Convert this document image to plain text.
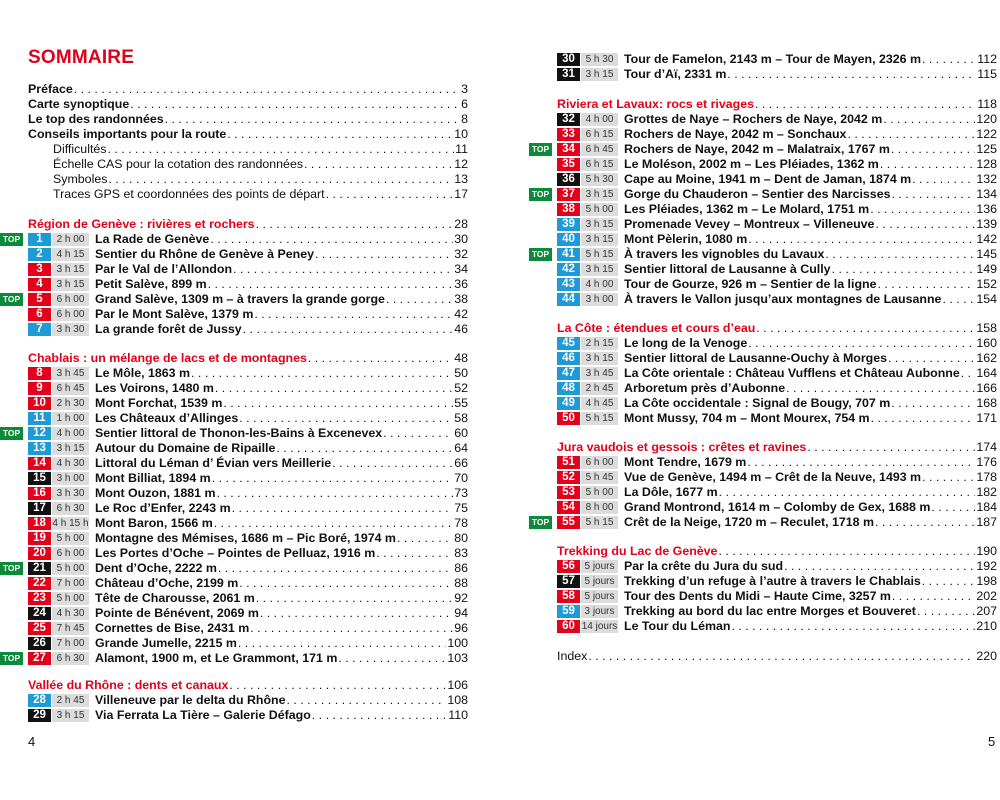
SOMMAIRE
Préface . . .	3
Carte synoptique . . .	6
Le top des randonnées . . .	8
Conseils importants pour la route . . .	10
Difficultés . . .	11
Échelle CAS pour la cotation des randonnées . . .	12
Symboles . . .	13
Traces GPS et coordonnées des points de départ . . .	17
Région de Genève : rivières et rochers . . .	28
TOP	1	2 h 00 La Rade de Genève . . .	30
2	4 h 15 Sentier du Rhône de Genève à Peney . . .	32
3	3 h 15 Par le Val de l’Allondon . . .	34
4	3 h 15 Petit Salève, 899 m . . .	36
TOP	5	6 h 00 Grand Salève, 1309 m – à travers la grande gorge . . .	38
6	6 h 00 Par le Mont Salève, 1379 m . . .	42
7	3 h 30 La grande forêt de Jussy . . .	46
Chablais : un mélange de lacs et de montagnes . . .	48
8	3 h 45 Le Môle, 1863 m . . .	50
9	6 h 45 Les Voirons, 1480 m . . .	52
10	2 h 30 Mont Forchat, 1539 m . . .	55
11	1 h 00 Les Châteaux d’Allinges . . .	58
TOP	12	4 h 00 Sentier littoral de Thonon-les-Bains à Excenevex . . .	60
13	3 h 15 Autour du Domaine de Ripaille . . .	64
14	4 h 30 Littoral du Léman d’ Évian vers Meillerie . . .	66
15	3 h 00 Mont Billiat, 1894 m . . .	70
16	3 h 30 Mont Ouzon, 1881 m . . .	73
17	6 h 30 Le Roc d’Enfer, 2243 m . . .	75
18 4 h 15 h Mont Baron, 1566 m . . .	78
19	5 h 00 Montagne des Mémises, 1686 m – Pic Boré, 1974 m . . .	80
20	6 h 00 Les Portes d’Oche – Pointes de Pelluaz, 1916 m . . .	83
TOP	21	5 h 00 Dent d’Oche, 2222 m . . .	86
22	7 h 00 Château d’Oche, 2199 m . . .	88
23	5 h 00 Tête de Charousse, 2061 m . . .	92
24	4 h 30 Pointe de Bénévent, 2069 m . . .	94
25	7 h 45 Cornettes de Bise, 2431 m . . .	96
26	7 h 00 Grande Jumelle, 2215 m . . .	100
TOP	27	6 h 30 Alamont, 1900 m, et Le Grammont, 171 m . . .	103
Vallée du Rhône : dents et canaux . . .	106
28	2 h 45 Villeneuve par le delta du Rhône . . .	108
29	3 h 15 Via Ferrata La Tière – Galerie Défago . . .	110
4
30	5 h 30 Tour de Famelon, 2143 m – Tour de Mayen, 2326 m . . .	112
31	3 h 15 Tour d’Aï, 2331 m . . .	115
Riviera et Lavaux: rocs et rivages . . .	118
32	4 h 00 Grottes de Naye – Rochers de Naye, 2042 m . . .	120
33	6 h 15 Rochers de Naye, 2042 m – Sonchaux . . .	122
TOP	34	6 h 45 Rochers de Naye, 2042 m – Malatraix, 1767 m . . .	125
35	6 h 15 Le Moléson, 2002 m – Les Pléiades, 1362 m . . .	128
36	5 h 30 Cape au Moine, 1941 m – Dent de Jaman, 1874 m . . .	132
TOP	37	3 h 15 Gorge du Chauderon – Sentier des Narcisses . . .	134
38	5 h 00 Les Pléiades, 1362 m – Le Molard, 1751 m . . .	136
39	3 h 15 Promenade Vevey – Montreux – Villeneuve . . .	139
40	3 h 15 Mont Pèlerin, 1080 m . . .	142
TOP	41	5 h 15 À travers les vignobles du Lavaux . . .	145
42	3 h 15 Sentier littoral de Lausanne à Cully . . .	149
43	4 h 00 Tour de Gourze, 926 m – Sentier de la ligne . . .	152
44	3 h 00 À travers le Vallon jusqu’aux montagnes de Lausanne . . .	154
La Côte : étendues et cours d’eau . . .	158
45	2 h 15 Le long de la Venoge . . .	160
46	3 h 15 Sentier littoral de Lausanne-Ouchy à Morges . . .	162
47	3 h 45 La Côte orientale : Château Vufflens et Château Aubonne . . . 164
48	2 h 45 Arboretum près d’Aubonne . . .	166
49	4 h 45 La Côte occidentale : Signal de Bougy, 707 m . . .	168
50	5 h 15 Mont Mussy, 704 m – Mont Mourex, 754 m . . .	171
Jura vaudois et gessois : crêtes et ravines . . .	174
51	6 h 00 Mont Tendre, 1679 m . . .	176
52	5 h 45 Vue de Genève, 1494 m – Crêt de la Neuve, 1493 m . . .	178
53	5 h 00 La Dôle, 1677 m . . .	182
54	8 h 00 Grand Montrond, 1614 m – Colomby de Gex, 1688 m . . .	184
TOP	55	5 h 15 Crêt de la Neige, 1720 m – Reculet, 1718 m . . .	187
Trekking du Lac de Genève . . .	190
56 5 jours Par la crête du Jura du sud . . .	192
57 5 jours Trekking d’un refuge à l’autre à travers le Chablais . . .	198
58 5 jours Tour des Dents du Midi – Haute Cime, 3257 m . . .	202
59 3 jours Trekking au bord du lac entre Morges et Bouveret . . .	207
60 14 jours Le Tour du Léman . . .	210
Index . . .	220
5
